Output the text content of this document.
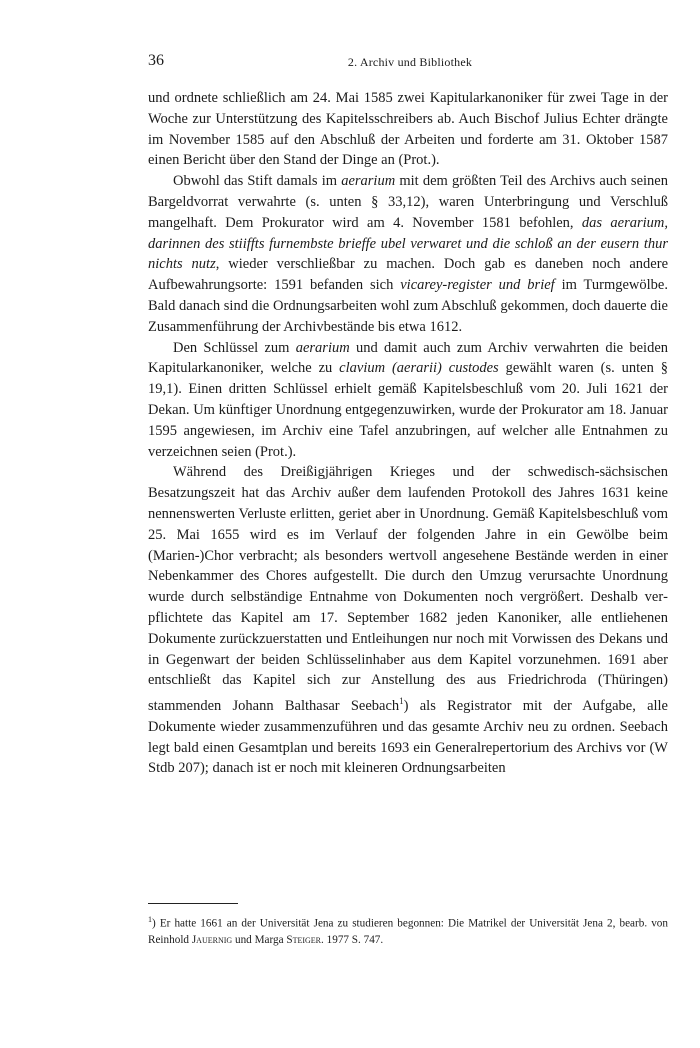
36	2. Archiv und Bibliothek

und ordnete schließlich am 24. Mai 1585 zwei Kapitularkanoniker für zwei Tage in der Woche zur Unterstützung des Kapitelsschreibers ab. Auch Bischof Julius Echter drängte im November 1585 auf den Abschluß der Arbeiten und forderte am 31. Oktober 1587 einen Bericht über den Stand der Dinge an (Prot.).

Obwohl das Stift damals im aerarium mit dem größten Teil des Archivs auch seinen Bargeldvorrat verwahrte (s. unten § 33,12), waren Unterbringung und Verschluß mangelhaft. Dem Prokurator wird am 4. November 1581 befohlen, das aerarium, darinnen des stiiffts furnembste brieffe ubel verwaret und die schloß an der eusern thur nichts nutz, wieder verschließbar zu machen. Doch gab es daneben noch andere Aufbewahrungsorte: 1591 befanden sich vicarey-register und brief im Turmgewölbe. Bald danach sind die Ordnungsarbeiten wohl zum Abschluß gekommen, doch dauerte die Zusammenführung der Archivbestände bis etwa 1612.

Den Schlüssel zum aerarium und damit auch zum Archiv verwahrten die beiden Kapitularkanoniker, welche zu clavium (aerarii) custodes gewählt waren (s. unten § 19,1). Einen dritten Schlüssel erhielt gemäß Kapitelsbeschluß vom 20. Juli 1621 der Dekan. Um künftiger Unordnung entgegenzuwirken, wurde der Prokurator am 18. Januar 1595 angewiesen, im Archiv eine Tafel anzubringen, auf welcher alle Entnahmen zu verzeichnen seien (Prot.).

Während des Dreißigjährigen Krieges und der schwedisch-sächsischen Besatzungszeit hat das Archiv außer dem laufenden Protokoll des Jahres 1631 keine nennenswerten Verluste erlitten, geriet aber in Unordnung. Gemäß Kapitelsbeschluß vom 25. Mai 1655 wird es im Verlauf der folgenden Jahre in ein Gewölbe beim (Marien-)Chor verbracht; als besonders wertvoll angesehene Bestände werden in einer Nebenkammer des Chores aufgestellt. Die durch den Umzug verursachte Unordnung wurde durch selbständige Entnahme von Dokumenten noch vergrößert. Deshalb verpflichtete das Kapitel am 17. September 1682 jeden Kanoniker, alle entliehenen Dokumente zurückzuerstatten und Entleihungen nur noch mit Vorwissen des Dekans und in Gegenwart der beiden Schlüsselinhaber aus dem Kapitel vorzunehmen. 1691 aber entschließt das Kapitel sich zur Anstellung des aus Friedrichroda (Thüringen) stammenden Johann Balthasar Seebach$^1$) als Registrator mit der Aufgabe, alle Dokumente wieder zusammenzuführen und das gesamte Archiv neu zu ordnen. Seebach legt bald einen Gesamtplan und bereits 1693 ein Generalrepertorium des Archivs vor (W Stdb 207); danach ist er noch mit kleineren Ordnungsarbeiten

$^1$) Er hatte 1661 an der Universität Jena zu studieren begonnen: Die Matrikel der Universität Jena 2, bearb. von Reinhold Jauernig und Marga Steiger. 1977 S. 747.
